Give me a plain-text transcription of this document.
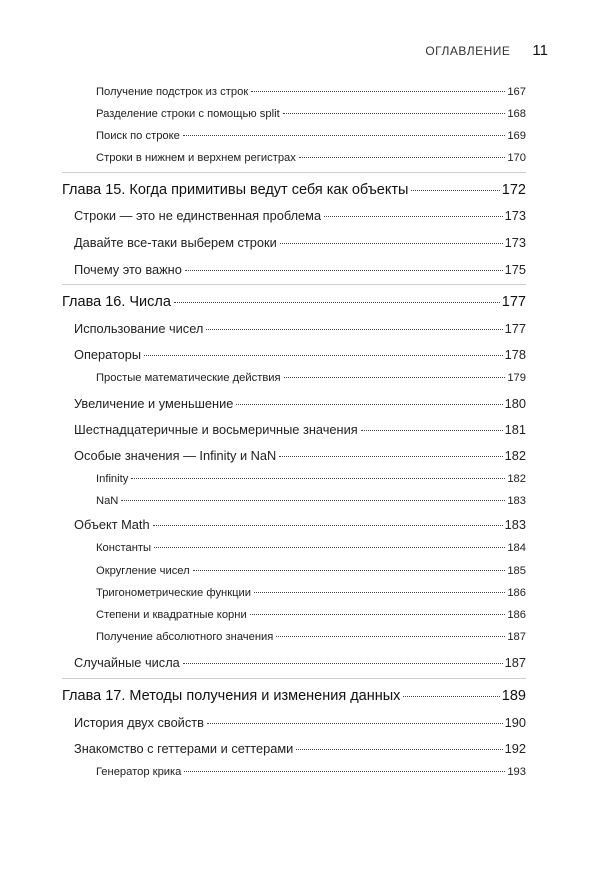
ОГЛАВЛЕНИЕ 11
Получение подстрок из строк	167
Разделение строки с помощью split	168
Поиск по строке	169
Строки в нижнем и верхнем регистрах	170
Глава 15. Когда примитивы ведут себя как объекты	172
Строки — это не единственная проблема	173
Давайте все-таки выберем строки	173
Почему это важно	175
Глава 16. Числа	177
Использование чисел	177
Операторы	178
Простые математические действия	179
Увеличение и уменьшение	180
Шестнадцатеричные и восьмеричные значения	181
Особые значения — Infinity и NaN	182
Infinity	182
NaN	183
Объект Math	183
Константы	184
Округление чисел	185
Тригонометрические функции	186
Степени и квадратные корни	186
Получение абсолютного значения	187
Случайные числа	187
Глава 17. Методы получения и изменения данных	189
История двух свойств	190
Знакомство с геттерами и сеттерами	192
Генератор крика	193
